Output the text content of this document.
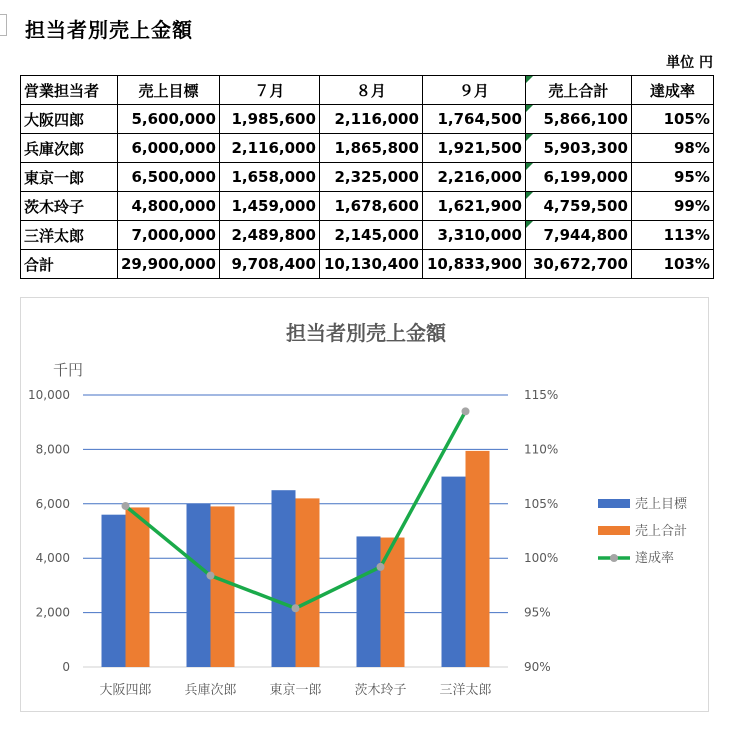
担当者別売上金額
単位 円
営業担当者	売上目標	７月	８月	９月	売上合計	達成率
大阪四郎	5,600,000	1,985,600	2,116,000	1,764,500	5,866,100	105%
兵庫次郎	6,000,000	2,116,000	1,865,800	1,921,500	5,903,300	98%
東京一郎	6,500,000	1,658,000	2,325,000	2,216,000	6,199,000	95%
茨木玲子	4,800,000	1,459,000	1,678,600	1,621,900	4,759,500	99%
三洋太郎	7,000,000	2,489,800	2,145,000	3,310,000	7,944,800	113%
合計	29,900,000	9,708,400	10,130,400	10,833,900	30,672,700	103%
担当者別売上金額
千円
0
2,000
4,000
6,000
8,000
10,000
90%
95%
100%
105%
110%
115%
大阪四郎	兵庫次郎	東京一郎	茨木玲子	三洋太郎
売上目標
売上合計
達成率
